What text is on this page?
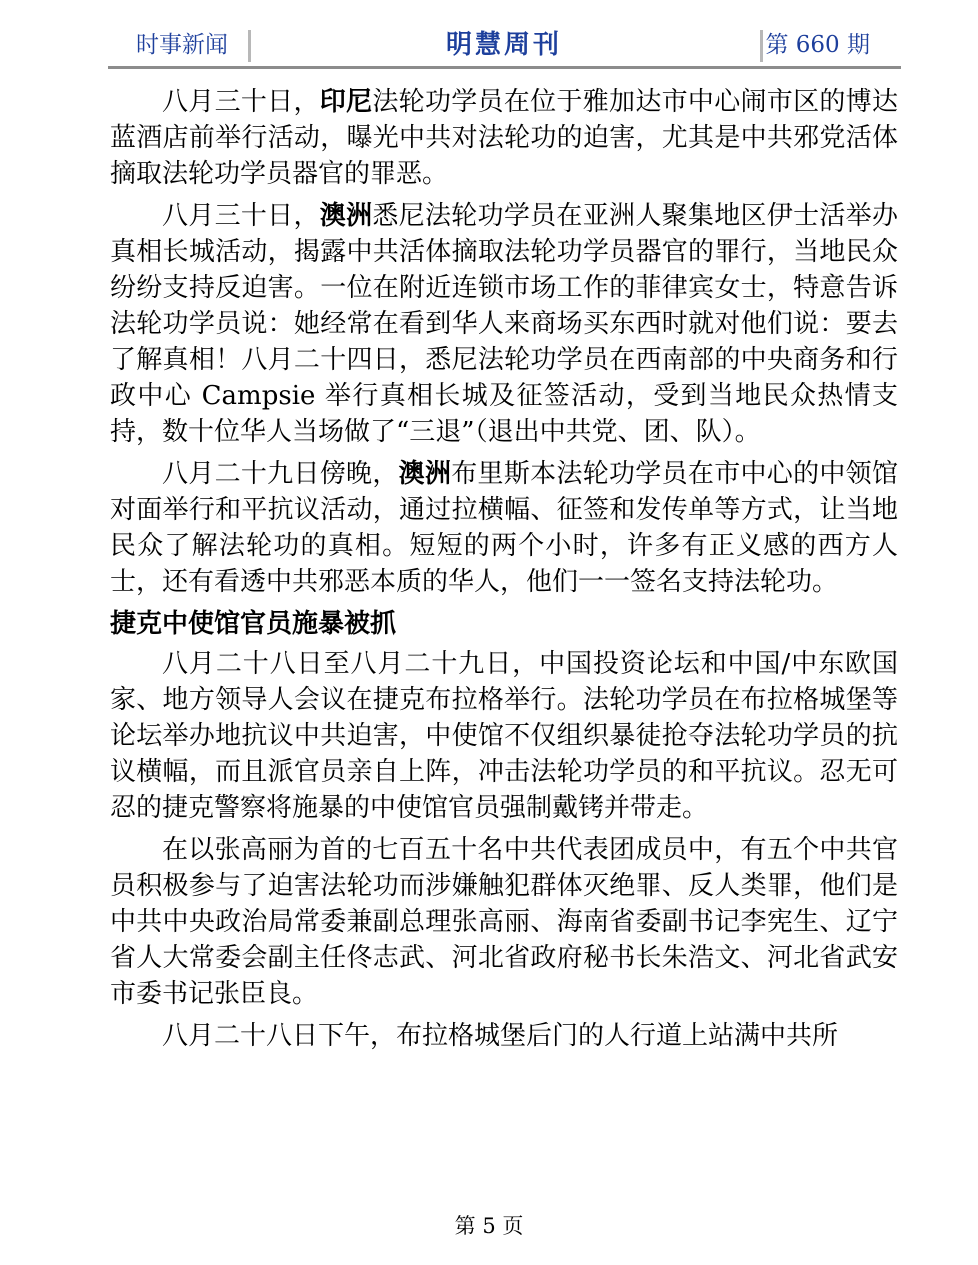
时事新闻	明慧周刊	第 660 期

八月三十日，印尼法轮功学员在位于雅加达市中心闹市区的博达蓝酒店前举行活动，曝光中共对法轮功的迫害，尤其是中共邪党活体摘取法轮功学员器官的罪恶。

八月三十日，澳洲悉尼法轮功学员在亚洲人聚集地区伊士活举办真相长城活动，揭露中共活体摘取法轮功学员器官的罪行，当地民众纷纷支持反迫害。一位在附近连锁市场工作的菲律宾女士，特意告诉法轮功学员说：她经常在看到华人来商场买东西时就对他们说：要去了解真相！八月二十四日，悉尼法轮功学员在西南部的中央商务和行政中心 Campsie 举行真相长城及征签活动，受到当地民众热情支持，数十位华人当场做了“三退”（退出中共党、团、队）。

八月二十九日傍晚，澳洲布里斯本法轮功学员在市中心的中领馆对面举行和平抗议活动，通过拉横幅、征签和发传单等方式，让当地民众了解法轮功的真相。短短的两个小时，许多有正义感的西方人士，还有看透中共邪恶本质的华人，他们一一签名支持法轮功。

捷克中使馆官员施暴被抓

八月二十八日至八月二十九日，中国投资论坛和中国/中东欧国家、地方领导人会议在捷克布拉格举行。法轮功学员在布拉格城堡等论坛举办地抗议中共迫害，中使馆不仅组织暴徒抢夺法轮功学员的抗议横幅，而且派官员亲自上阵，冲击法轮功学员的和平抗议。忍无可忍的捷克警察将施暴的中使馆官员强制戴铐并带走。

在以张高丽为首的七百五十名中共代表团成员中，有五个中共官员积极参与了迫害法轮功而涉嫌触犯群体灭绝罪、反人类罪，他们是中共中央政治局常委兼副总理张高丽、海南省委副书记李宪生、辽宁省人大常委会副主任佟志武、河北省政府秘书长朱浩文、河北省武安市委书记张臣良。

八月二十八日下午，布拉格城堡后门的人行道上站满中共所

第 5 页
